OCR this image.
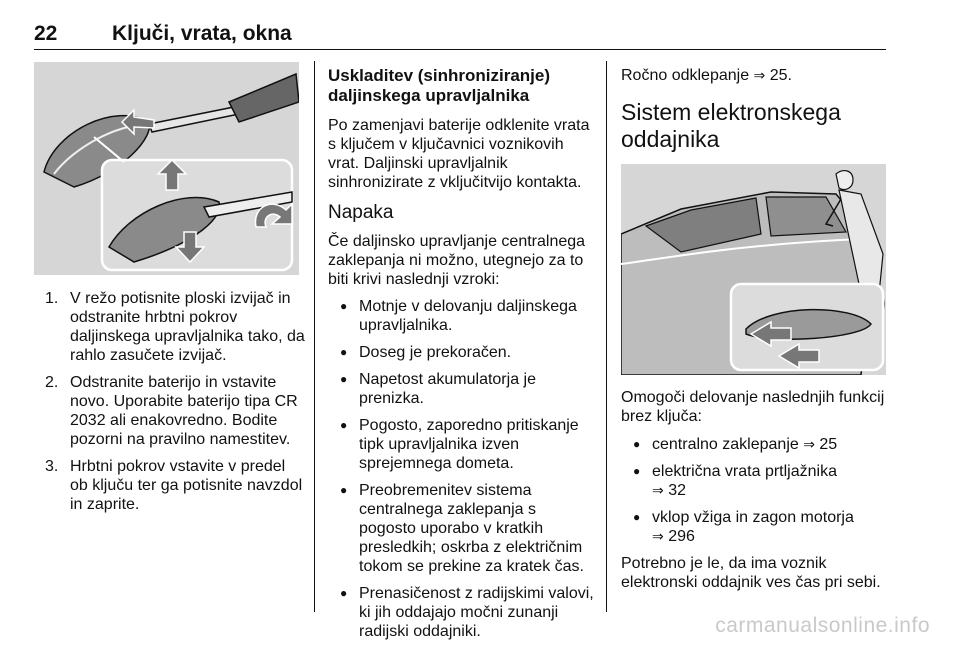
22	Ključi, vrata, okna
1. V režo potisnite ploski izvijač in odstranite hrbtni pokrov daljinskega upravljalnika tako, da rahlo zasučete izvijač.
2. Odstranite baterijo in vstavite novo. Uporabite baterijo tipa CR 2032 ali enakovredno. Bodite pozorni na pravilno namestitev.
3. Hrbtni pokrov vstavite v predel ob ključu ter ga potisnite navzdol in zaprite.
Uskladitev (sinhroniziranje) daljinskega upravljalnika

Po zamenjavi baterije odklenite vrata s ključem v ključavnici voznikovih vrat. Daljinski upravljalnik sinhronizirate z vključitvijo kontakta.

Napaka

Če daljinsko upravljanje centralnega zaklepanja ni možno, utegnejo za to biti krivi naslednji vzroki:

● Motnje v delovanju daljinskega upravljalnika.
● Doseg je prekoračen.
● Napetost akumulatorja je prenizka.
● Pogosto, zaporedno pritiskanje tipk upravljalnika izven sprejemnega dometa.
● Preobremenitev sistema centralnega zaklepanja s pogosto uporabo v kratkih presledkih; oskrba z električnim tokom se prekine za kratek čas.
● Prenasičenost z radijskimi valovi, ki jih oddajajo močni zunanji radijski oddajniki.

Ročno odklepanje ⇒ 25.

Sistem elektronskega oddajnika

Omogoči delovanje naslednjih funkcij brez ključa:

● centralno zaklepanje ⇒ 25
● električna vrata prtljažnika
⇒ 32
● vklop vžiga in zagon motorja
⇒ 296

Potrebno je le, da ima voznik elektronski oddajnik ves čas pri sebi.

carmanualsonline.info
